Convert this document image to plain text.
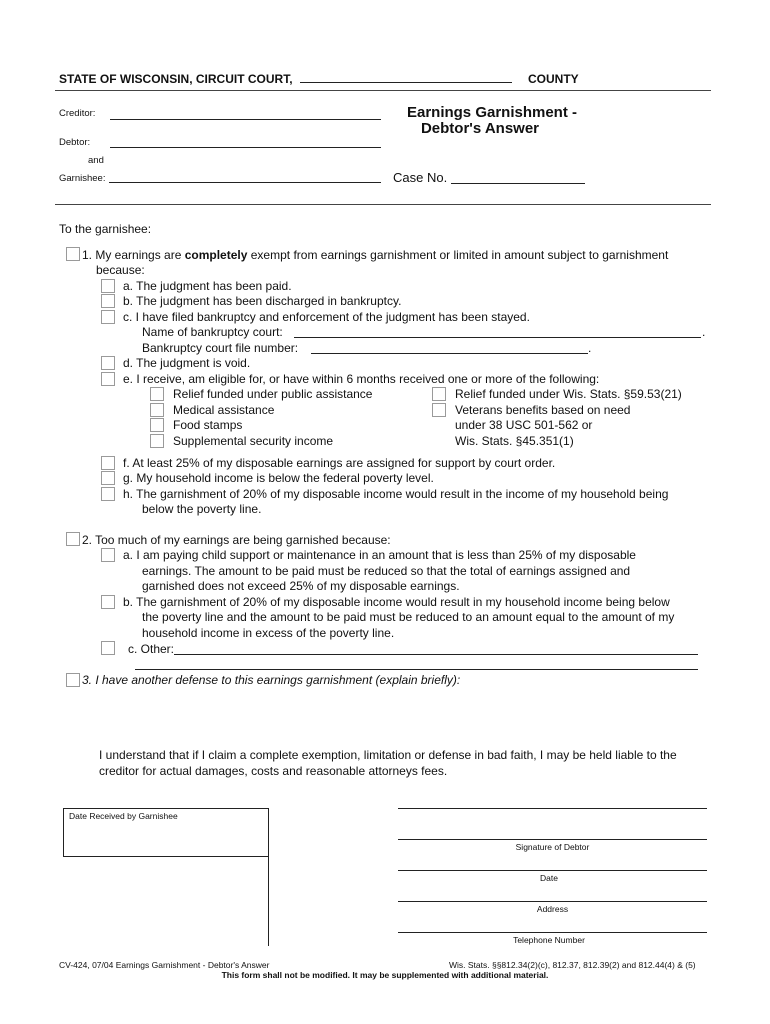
STATE OF WISCONSIN, CIRCUIT COURT,	COUNTY
Creditor:
Debtor:
and
Garnishee:
Earnings Garnishment -
Debtor's Answer
Case No.
To the garnishee:
1. My earnings are completely exempt from earnings garnishment or limited in amount subject to garnishment
because:
a. The judgment has been paid.
b. The judgment has been discharged in bankruptcy.
c. I have filed bankruptcy and enforcement of the judgment has been stayed.
Name of bankruptcy court:	.
Bankruptcy court file number:	.
d. The judgment is void.
e. I receive, am eligible for, or have within 6 months received one or more of the following:
Relief funded under public assistance
Medical assistance
Food stamps
Supplemental security income
Relief funded under Wis. Stats. §59.53(21)
Veterans benefits based on need
under 38 USC 501-562 or
Wis. Stats. §45.351(1)
f. At least 25% of my disposable earnings are assigned for support by court order.
g. My household income is below the federal poverty level.
h. The garnishment of 20% of my disposable income would result in the income of my household being
below the poverty line.
2. Too much of my earnings are being garnished because:
a. I am paying child support or maintenance in an amount that is less than 25% of my disposable
earnings. The amount to be paid must be reduced so that the total of earnings assigned and
garnished does not exceed 25% of my disposable earnings.
b. The garnishment of 20% of my disposable income would result in my household income being below
the poverty line and the amount to be paid must be reduced to an amount equal to the amount of my
household income in excess of the poverty line.
c. Other:
3. I have another defense to this earnings garnishment (explain briefly):
I understand that if I claim a complete exemption, limitation or defense in bad faith, I may be held liable to the
creditor for actual damages, costs and reasonable attorneys fees.
Date Received by Garnishee
Signature of Debtor
Date
Address
Telephone Number
CV-424, 07/04 Earnings Garnishment - Debtor's Answer	Wis. Stats. §§812.34(2)(c), 812.37, 812.39(2) and 812.44(4) & (5)
This form shall not be modified. It may be supplemented with additional material.
